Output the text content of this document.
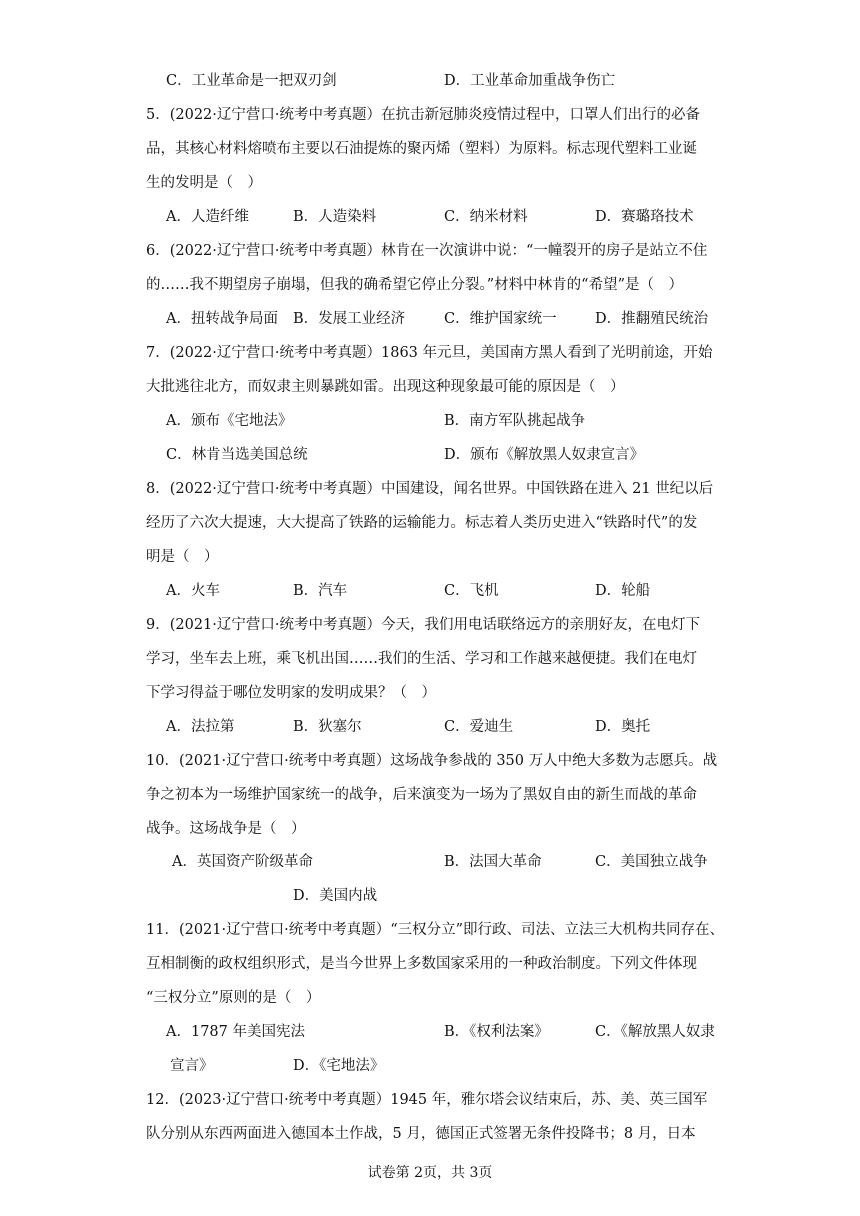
C．工业革命是一把双刃剑	D．工业革命加重战争伤亡
5．(2022·辽宁营口·统考中考真题）在抗击新冠肺炎疫情过程中，口罩人们出行的必备
品，其核心材料熔喷布主要以石油提炼的聚丙烯（塑料）为原料。标志现代塑料工业诞
生的发明是（　）
A．人造纤维	B．人造染料	C．纳米材料	D．赛璐珞技术
6．(2022·辽宁营口·统考中考真题）林肯在一次演讲中说：“一幢裂开的房子是站立不住
的……我不期望房子崩塌，但我的确希望它停止分裂。”材料中林肯的“希望”是（　）
A．扭转战争局面 B．发展工业经济	C．维护国家统一	D．推翻殖民统治
7．(2022·辽宁营口·统考中考真题）1863 年元旦，美国南方黑人看到了光明前途，开始
大批逃往北方，而奴隶主则暴跳如雷。出现这种现象最可能的原因是（　）
A．颁布《宅地法》	B．南方军队挑起战争
C．林肯当选美国总统	D．颁布《解放黑人奴隶宣言》
8．(2022·辽宁营口·统考中考真题）中国建设，闻名世界。中国铁路在进入 21 世纪以后
经历了六次大提速，大大提高了铁路的运输能力。标志着人类历史进入“铁路时代”的发
明是（　）
A．火车	B．汽车	C．飞机	D．轮船
9．(2021·辽宁营口·统考中考真题）今天，我们用电话联络远方的亲朋好友，在电灯下
学习，坐车去上班，乘飞机出国……我们的生活、学习和工作越来越便捷。我们在电灯
下学习得益于哪位发明家的发明成果？（　）
A．法拉第	B．狄塞尔	C．爱迪生	D．奥托
10．(2021·辽宁营口·统考中考真题）这场战争参战的 350 万人中绝大多数为志愿兵。战
争之初本为一场维护国家统一的战争，后来演变为一场为了黑奴自由的新生而战的革命
战争。这场战争是（　）
A．英国资产阶级革命	B．法国大革命	C．美国独立战争
D．美国内战
11．(2021·辽宁营口·统考中考真题）“三权分立”即行政、司法、立法三大机构共同存在、
互相制衡的政权组织形式，是当今世界上多数国家采用的一种政治制度。下列文件体现
“三权分立”原则的是（　）
A．1787 年美国宪法	B．《权利法案》	C．《解放黑人奴隶
宣言》	D．《宅地法》
12．(2023·辽宁营口·统考中考真题）1945 年，雅尔塔会议结束后，苏、美、英三国军
队分别从东西两面进入德国本土作战，5 月，德国正式签署无条件投降书；8 月，日本
试卷第 2页，共 3页
